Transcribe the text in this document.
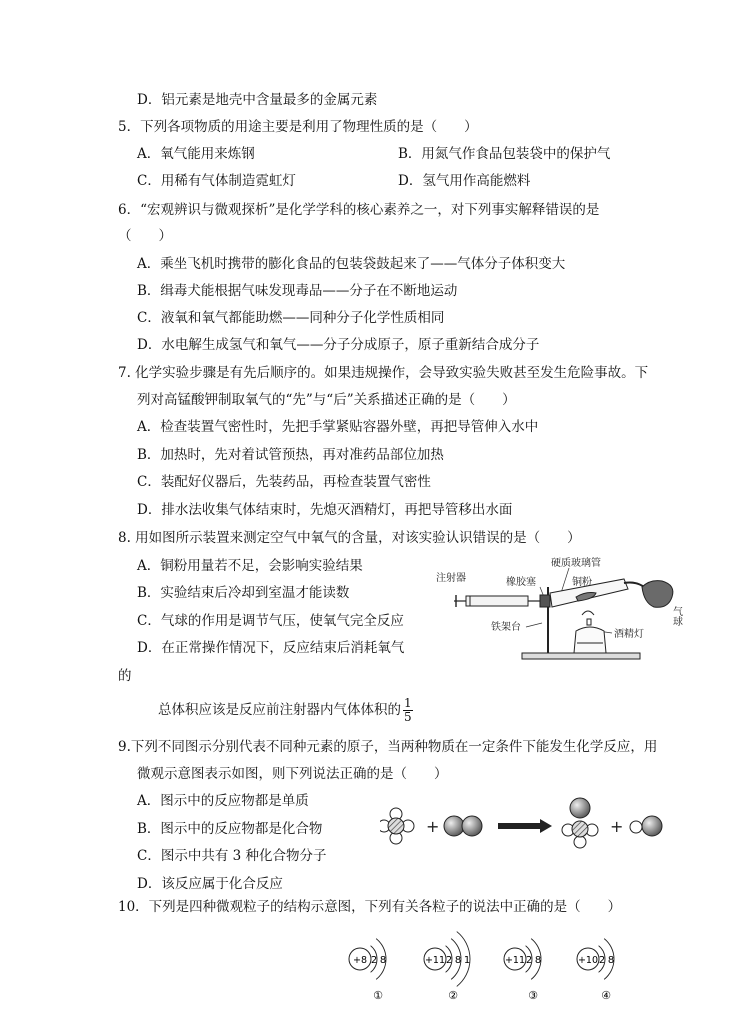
D．铝元素是地壳中含量最多的金属元素
5．下列各项物质的用途主要是利用了物理性质的是（　　）
A．氧气能用来炼钢	B．用氮气作食品包装袋中的保护气
C．用稀有气体制造霓虹灯	D．氢气用作高能燃料
6．“宏观辨识与微观探析”是化学学科的核心素养之一，对下列事实解释错误的是
（　　）
A．乘坐飞机时携带的膨化食品的包装袋鼓起来了——气体分子体积变大
B．缉毒犬能根据气味发现毒品——分子在不断地运动
C．液氧和氧气都能助燃——同种分子化学性质相同
D．水电解生成氢气和氧气——分子分成原子，原子重新结合成分子
7. 化学实验步骤是有先后顺序的。如果违规操作，会导致实验失败甚至发生危险事故。下
列对高锰酸钾制取氧气的“先”与“后”关系描述正确的是（　　）
A．检查装置气密性时，先把手掌紧贴容器外壁，再把导管伸入水中
B．加热时，先对着试管预热，再对准药品部位加热
C．装配好仪器后，先装药品，再检查装置气密性
D．排水法收集气体结束时，先熄灭酒精灯，再把导管移出水面
8. 用如图所示装置来测定空气中氧气的含量，对该实验认识错误的是（　　）
A．铜粉用量若不足，会影响实验结果
B．实验结束后冷却到室温才能读数
C．气球的作用是调节气压，使氧气完全反应
D．在正常操作情况下，反应结束后消耗氧气
的
总体积应该是反应前注射器内气体体积的 $\frac{1}{5}$
注射器	橡胶塞
硬质玻璃管
铜粉
铁架台
酒精灯
气球
9.下列不同图示分别代表不同种元素的原子，当两种物质在一定条件下能发生化学反应，用
微观示意图表示如图，则下列说法正确的是（　　）
A．图示中的反应物都是单质
B．图示中的反应物都是化合物
C．图示中共有 3 种化合物分子
D．该反应属于化合反应
+	+
10．下列是四种微观粒子的结构示意图，下列有关各粒子的说法中正确的是（　　）
+8 2 8
①
+11 2 8 1
②
+11 2 8
③
+10 2 8
④
